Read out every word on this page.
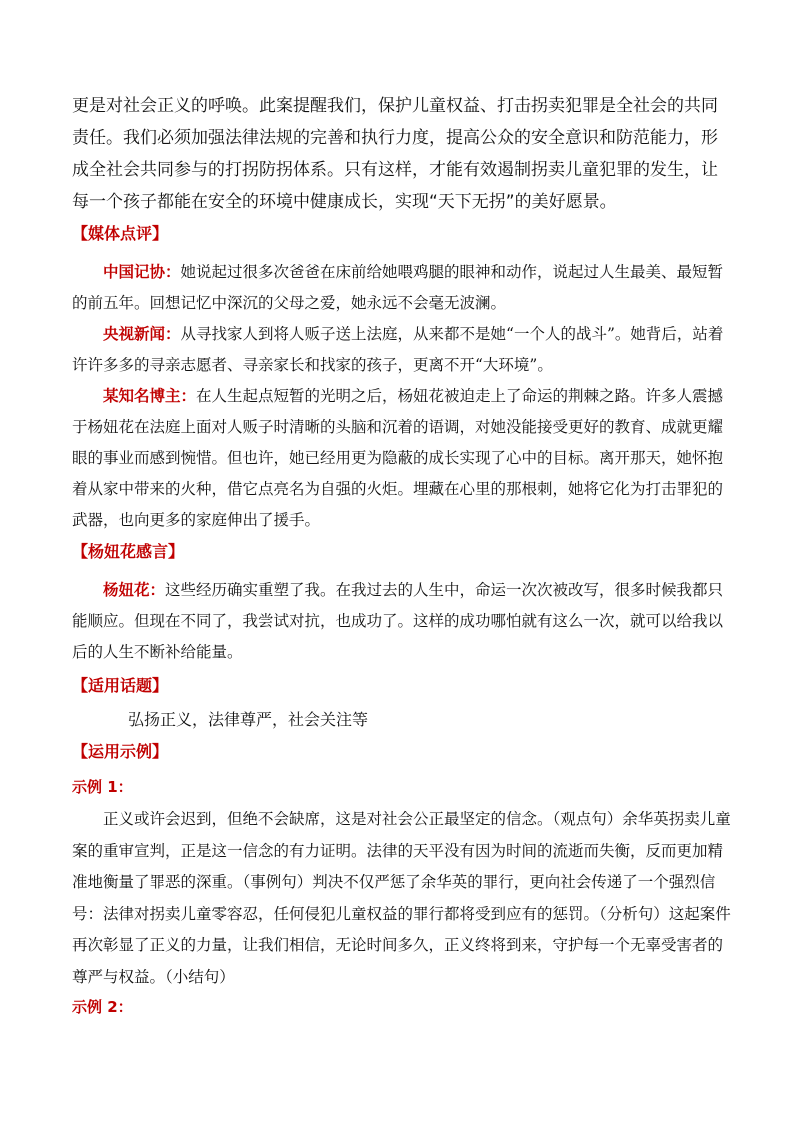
更是对社会正义的呼唤。此案提醒我们，保护儿童权益、打击拐卖犯罪是全社会的共同责任。我们必须加强法律法规的完善和执行力度，提高公众的安全意识和防范能力，形成全社会共同参与的打拐防拐体系。只有这样，才能有效遏制拐卖儿童犯罪的发生，让每一个孩子都能在安全的环境中健康成长，实现“天下无拐”的美好愿景。

【媒体点评】

中国记协：她说起过很多次爸爸在床前给她喂鸡腿的眼神和动作，说起过人生最美、最短暂的前五年。回想记忆中深沉的父母之爱，她永远不会毫无波澜。

央视新闻：从寻找家人到将人贩子送上法庭，从来都不是她“一个人的战斗”。她背后，站着许许多多的寻亲志愿者、寻亲家长和找家的孩子，更离不开“大环境”。

某知名博主：在人生起点短暂的光明之后，杨妞花被迫走上了命运的荆棘之路。许多人震撼于杨妞花在法庭上面对人贩子时清晰的头脑和沉着的语调，对她没能接受更好的教育、成就更耀眼的事业而感到惋惜。但也许，她已经用更为隐蔽的成长实现了心中的目标。离开那天，她怀抱着从家中带来的火种，借它点亮名为自强的火炬。埋藏在心里的那根刺，她将它化为打击罪犯的武器，也向更多的家庭伸出了援手。

【杨妞花感言】

杨妞花：这些经历确实重塑了我。在我过去的人生中，命运一次次被改写，很多时候我都只能顺应。但现在不同了，我尝试对抗，也成功了。这样的成功哪怕就有这么一次，就可以给我以后的人生不断补给能量。

【适用话题】

弘扬正义，法律尊严，社会关注等

【运用示例】

示例 1：

正义或许会迟到，但绝不会缺席，这是对社会公正最坚定的信念。（观点句）余华英拐卖儿童案的重审宣判，正是这一信念的有力证明。法律的天平没有因为时间的流逝而失衡，反而更加精准地衡量了罪恶的深重。（事例句）判决不仅严惩了余华英的罪行，更向社会传递了一个强烈信号：法律对拐卖儿童零容忍，任何侵犯儿童权益的罪行都将受到应有的惩罚。（分析句）这起案件再次彰显了正义的力量，让我们相信，无论时间多久，正义终将到来，守护每一个无辜受害者的尊严与权益。（小结句）

示例 2：
